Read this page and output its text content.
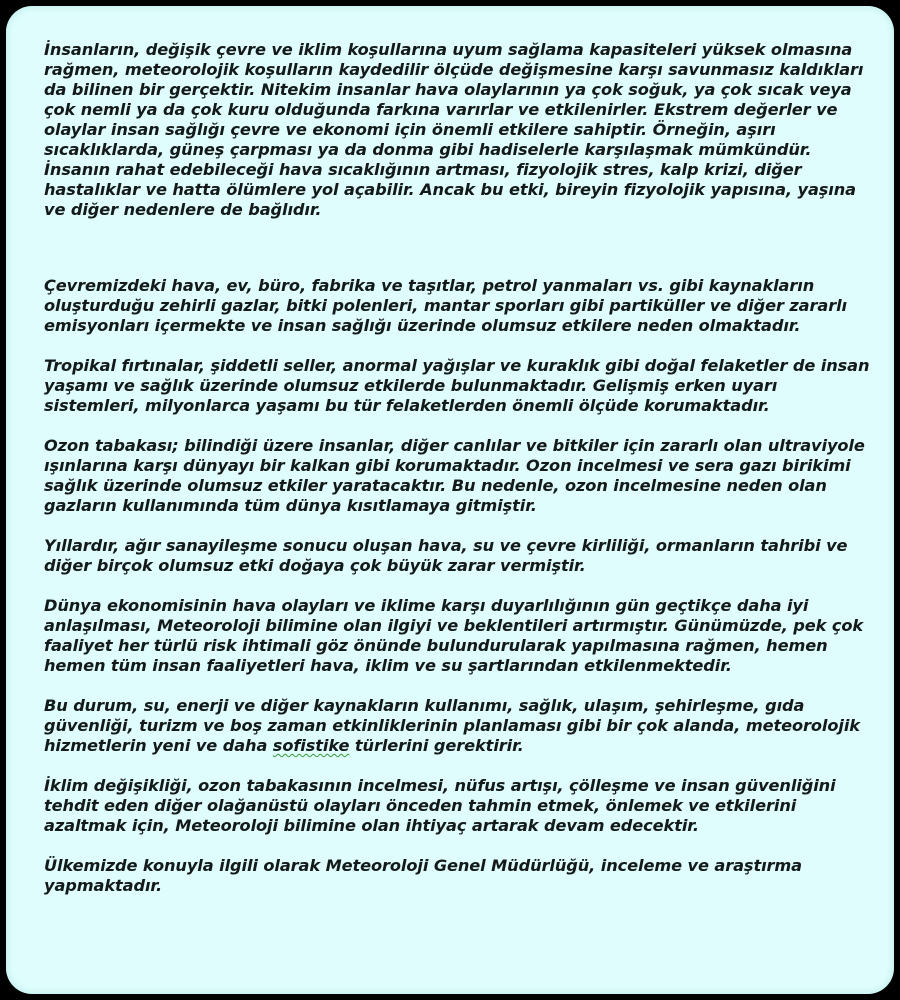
İnsanların, değişik çevre ve iklim koşullarına uyum sağlama kapasiteleri yüksek olmasına rağmen, meteorolojik koşulların kaydedilir ölçüde değişmesine karşı savunmasız kaldıkları da bilinen bir gerçektir. Nitekim insanlar hava olaylarının ya çok soğuk, ya çok sıcak veya çok nemli ya da çok kuru olduğunda farkına varırlar ve etkilenirler. Ekstrem değerler ve olaylar insan sağlığı çevre ve ekonomi için önemli etkilere sahiptir. Örneğin, aşırı sıcaklıklarda, güneş çarpması ya da donma gibi hadiselerle karşılaşmak mümkündür. İnsanın rahat edebileceği hava sıcaklığının artması, fizyolojik stres, kalp krizi, diğer hastalıklar ve hatta ölümlere yol açabilir. Ancak bu etki, bireyin fizyolojik yapısına, yaşına ve diğer nedenlere de bağlıdır.

Çevremizdeki hava, ev, büro, fabrika ve taşıtlar, petrol yanmaları vs. gibi kaynakların oluşturduğu zehirli gazlar, bitki polenleri, mantar sporları gibi partiküller ve diğer zararlı emisyonları içermekte ve insan sağlığı üzerinde olumsuz etkilere neden olmaktadır.

Tropikal fırtınalar, şiddetli seller, anormal yağışlar ve kuraklık gibi doğal felaketler de insan yaşamı ve sağlık üzerinde olumsuz etkilerde bulunmaktadır. Gelişmiş erken uyarı sistemleri, milyonlarca yaşamı bu tür felaketlerden önemli ölçüde korumaktadır.

Ozon tabakası; bilindiği üzere insanlar, diğer canlılar ve bitkiler için zararlı olan ultraviyole ışınlarına karşı dünyayı bir kalkan gibi korumaktadır. Ozon incelmesi ve sera gazı birikimi sağlık üzerinde olumsuz etkiler yaratacaktır. Bu nedenle, ozon incelmesine neden olan gazların kullanımında tüm dünya kısıtlamaya gitmiştir.

Yıllardır, ağır sanayileşme sonucu oluşan hava, su ve çevre kirliliği, ormanların tahribi ve diğer birçok olumsuz etki doğaya çok büyük zarar vermiştir.

Dünya ekonomisinin hava olayları ve iklime karşı duyarlılığının gün geçtikçe daha iyi anlaşılması, Meteoroloji bilimine olan ilgiyi ve beklentileri artırmıştır. Günümüzde, pek çok faaliyet her türlü risk ihtimali göz önünde bulundurularak yapılmasına rağmen, hemen hemen tüm insan faaliyetleri hava, iklim ve su şartlarından etkilenmektedir.

Bu durum, su, enerji ve diğer kaynakların kullanımı, sağlık, ulaşım, şehirleşme, gıda güvenliği, turizm ve boş zaman etkinliklerinin planlaması gibi bir çok alanda, meteorolojik hizmetlerin yeni ve daha sofistike türlerini gerektirir.

İklim değişikliği, ozon tabakasının incelmesi, nüfus artışı, çölleşme ve insan güvenliğini tehdit eden diğer olağanüstü olayları önceden tahmin etmek, önlemek ve etkilerini azaltmak için, Meteoroloji bilimine olan ihtiyaç artarak devam edecektir.

Ülkemizde konuyla ilgili olarak Meteoroloji Genel Müdürlüğü, inceleme ve araştırma yapmaktadır.
